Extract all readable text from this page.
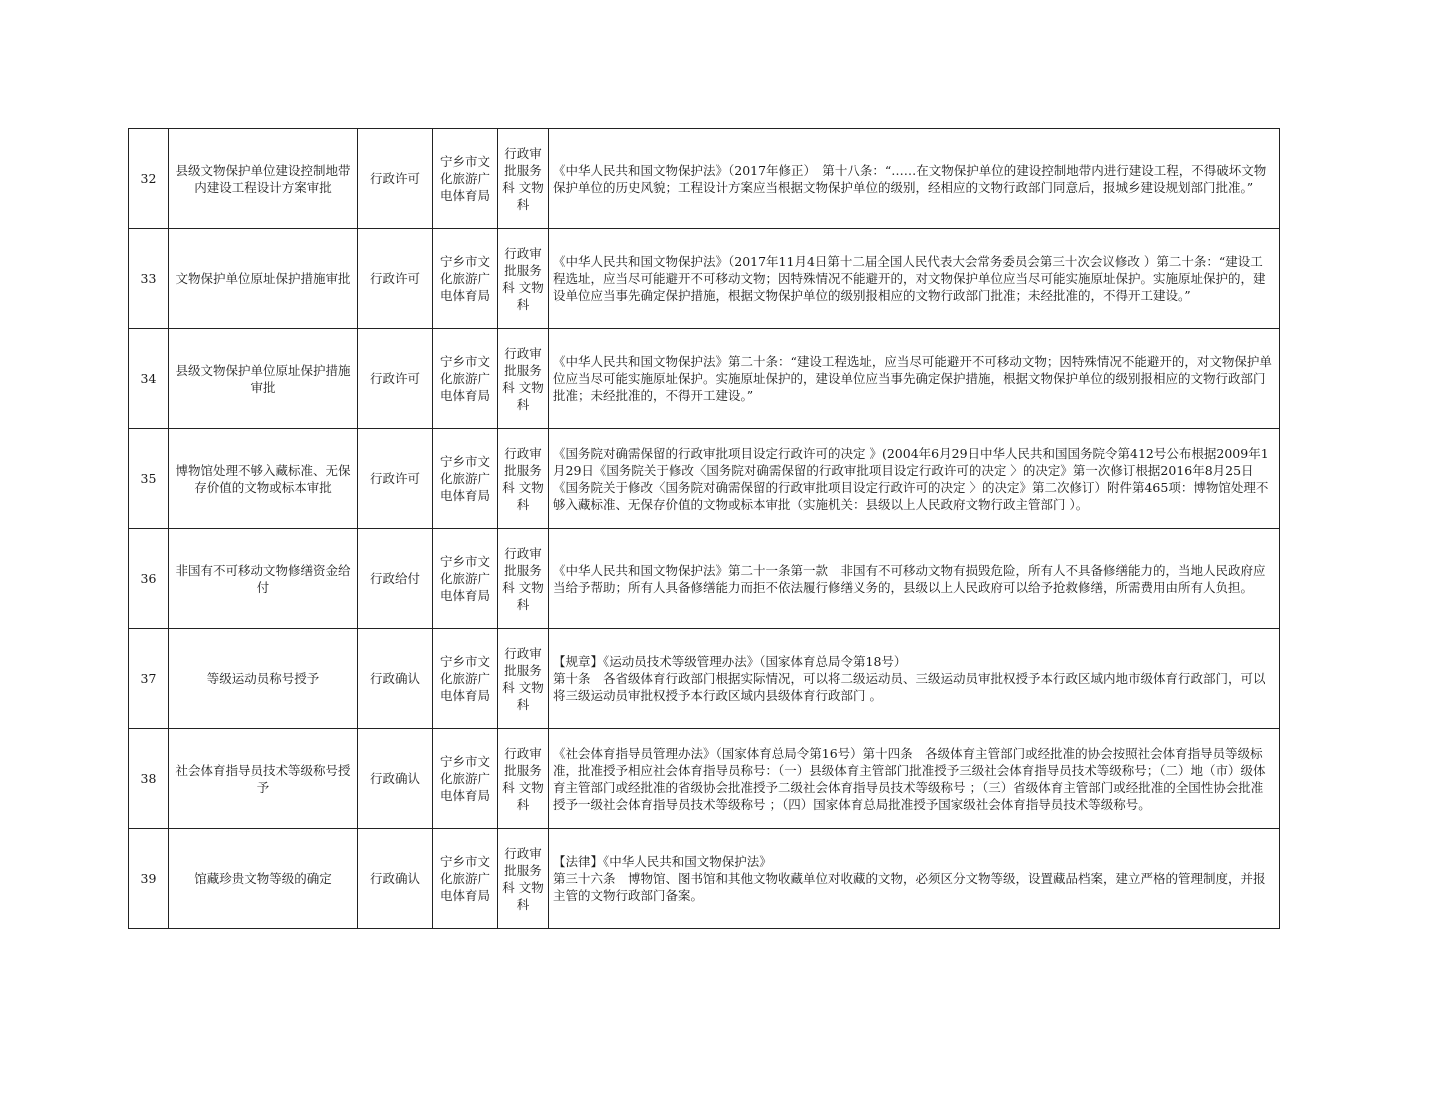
32	县级文物保护单位建设控制地带内建设工程设计方案审批	行政许可	宁乡市文化旅游广电体育局	行政审批服务科 文物科	《中华人民共和国文物保护法》（2017年修正）　第十八条：“……在文物保护单位的建设控制地带内进行建设工程，不得破坏文物保护单位的历史风貌；工程设计方案应当根据文物保护单位的级别，经相应的文物行政部门同意后，报城乡建设规划部门批准。”
33	文物保护单位原址保护措施审批	行政许可	宁乡市文化旅游广电体育局	行政审批服务科 文物科	《中华人民共和国文物保护法》（2017年11月4日第十二届全国人民代表大会常务委员会第三十次会议修改 ）第二十条：“建设工程选址，应当尽可能避开不可移动文物；因特殊情况不能避开的，对文物保护单位应当尽可能实施原址保护。实施原址保护的，建设单位应当事先确定保护措施，根据文物保护单位的级别报相应的文物行政部门批准；未经批准的，不得开工建设。”
34	县级文物保护单位原址保护措施审批	行政许可	宁乡市文化旅游广电体育局	行政审批服务科 文物科	《中华人民共和国文物保护法》第二十条：“建设工程选址，应当尽可能避开不可移动文物；因特殊情况不能避开的，对文物保护单位应当尽可能实施原址保护。实施原址保护的，建设单位应当事先确定保护措施，根据文物保护单位的级别报相应的文物行政部门批准；未经批准的，不得开工建设。”
35	博物馆处理不够入藏标准、无保存价值的文物或标本审批	行政许可	宁乡市文化旅游广电体育局	行政审批服务科 文物科	《国务院对确需保留的行政审批项目设定行政许可的决定 》(2004年6月29日中华人民共和国国务院令第412号公布根据2009年1月29日《国务院关于修改〈国务院对确需保留的行政审批项目设定行政许可的决定 〉的决定》第一次修订根据2016年8月25日《国务院关于修改〈国务院对确需保留的行政审批项目设定行政许可的决定 〉的决定》第二次修订）附件第465项：博物馆处理不够入藏标准、无保存价值的文物或标本审批（实施机关：县级以上人民政府文物行政主管部门 ）。
36	非国有不可移动文物修缮资金给付	行政给付	宁乡市文化旅游广电体育局	行政审批服务科 文物科	《中华人民共和国文物保护法》第二十一条第一款　非国有不可移动文物有损毁危险，所有人不具备修缮能力的，当地人民政府应当给予帮助；所有人具备修缮能力而拒不依法履行修缮义务的，县级以上人民政府可以给予抢救修缮，所需费用由所有人负担。
37	等级运动员称号授予	行政确认	宁乡市文化旅游广电体育局	行政审批服务科 文物科	【规章】《运动员技术等级管理办法》（国家体育总局令第18号）
第十条　各省级体育行政部门根据实际情况，可以将二级运动员、三级运动员审批权授予本行政区域内地市级体育行政部门，可以将三级运动员审批权授予本行政区域内县级体育行政部门 。
38	社会体育指导员技术等级称号授予	行政确认	宁乡市文化旅游广电体育局	行政审批服务科 文物科	《社会体育指导员管理办法》（国家体育总局令第16号）第十四条　各级体育主管部门或经批准的协会按照社会体育指导员等级标准，批准授予相应社会体育指导员称号：（一）县级体育主管部门批准授予三级社会体育指导员技术等级称号；（二）地（市）级体育主管部门或经批准的省级协会批准授予二级社会体育指导员技术等级称号 ；（三）省级体育主管部门或经批准的全国性协会批准授予一级社会体育指导员技术等级称号 ；（四）国家体育总局批准授予国家级社会体育指导员技术等级称号。
39	馆藏珍贵文物等级的确定	行政确认	宁乡市文化旅游广电体育局	行政审批服务科 文物科	【法律】《中华人民共和国文物保护法》
第三十六条　博物馆、图书馆和其他文物收藏单位对收藏的文物，必须区分文物等级，设置藏品档案，建立严格的管理制度，并报主管的文物行政部门备案。
